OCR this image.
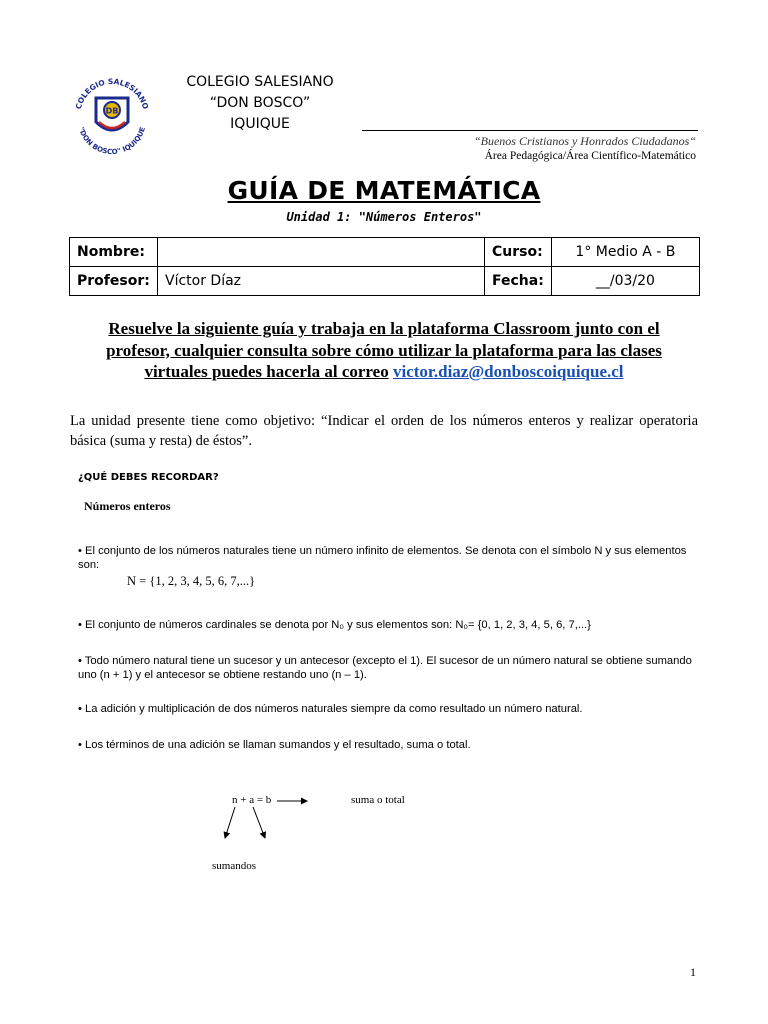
COLEGIO SALESIANO
"DON BOSCO" IQUIQUE
DB
COLEGIO SALESIANO
“DON BOSCO”
IQUIQUE
“Buenos Cristianos y Honrados Ciudadanos“
Área Pedagógica/Área Científico-Matemático
GUÍA DE MATEMÁTICA
Unidad 1: "Números Enteros"
Nombre:		Curso:	1° Medio A - B
Profesor:	Víctor Díaz	Fecha:	__/03/20
Resuelve la siguiente guía y trabaja en la plataforma Classroom junto con el
profesor, cualquier consulta sobre cómo utilizar la plataforma para las clases
virtuales puedes hacerla al correo victor.diaz@donboscoiquique.cl
La unidad presente tiene como objetivo: “Indicar el orden de los números enteros y realizar operatoria básica (suma y resta) de éstos”.
¿QUÉ DEBES RECORDAR?
Números enteros
• El conjunto de los números naturales tiene un número infinito de elementos. Se denota con el símbolo N y sus elementos son:
N = {1, 2, 3, 4, 5, 6, 7,...}
• El conjunto de números cardinales se denota por N₀ y sus elementos son: N₀= {0, 1, 2, 3, 4, 5, 6, 7,...}
• Todo número natural tiene un sucesor y un antecesor (excepto el 1). El sucesor de un número natural se obtiene sumando uno (n + 1) y el antecesor se obtiene restando uno (n – 1).
• La adición y multiplicación de dos números naturales siempre da como resultado un número natural.
• Los términos de una adición se llaman sumandos y el resultado, suma o total.
n + a = b	suma o total
sumandos
1
